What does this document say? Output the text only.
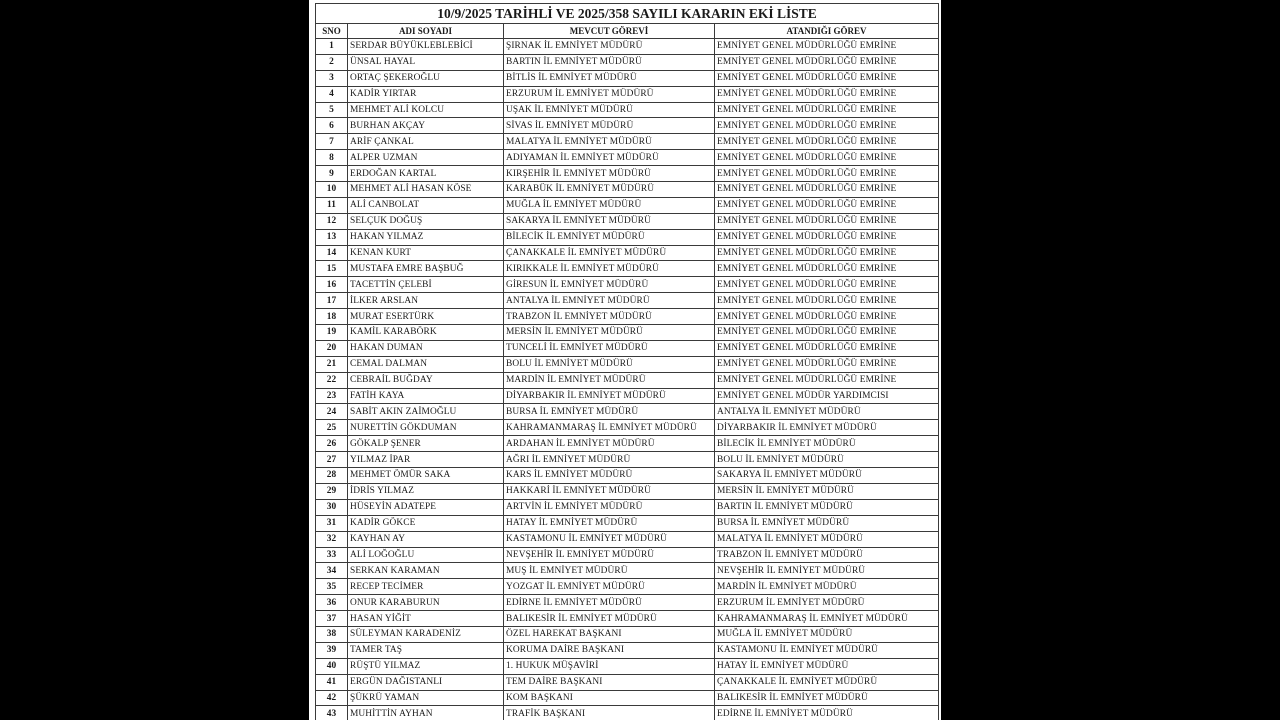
10/9/2025 TARİHLİ VE 2025/358 SAYILI KARARIN EKİ LİSTE			
SNO	ADI SOYADI	MEVCUT GÖREVİ	ATANDIĞI GÖREV
1	SERDAR BÜYÜKLEBLEBİCİ	ŞIRNAK İL EMNİYET MÜDÜRÜ	EMNİYET GENEL MÜDÜRLÜĞÜ EMRİNE
2	ÜNSAL HAYAL	BARTIN İL EMNİYET MÜDÜRÜ	EMNİYET GENEL MÜDÜRLÜĞÜ EMRİNE
3	ORTAÇ ŞEKEROĞLU	BİTLİS İL EMNİYET MÜDÜRÜ	EMNİYET GENEL MÜDÜRLÜĞÜ EMRİNE
4	KADİR YIRTAR	ERZURUM İL EMNİYET MÜDÜRÜ	EMNİYET GENEL MÜDÜRLÜĞÜ EMRİNE
5	MEHMET ALİ KOLCU	UŞAK İL EMNİYET MÜDÜRÜ	EMNİYET GENEL MÜDÜRLÜĞÜ EMRİNE
6	BURHAN AKÇAY	SİVAS İL EMNİYET MÜDÜRÜ	EMNİYET GENEL MÜDÜRLÜĞÜ EMRİNE
7	ARİF ÇANKAL	MALATYA İL EMNİYET MÜDÜRÜ	EMNİYET GENEL MÜDÜRLÜĞÜ EMRİNE
8	ALPER UZMAN	ADIYAMAN İL EMNİYET MÜDÜRÜ	EMNİYET GENEL MÜDÜRLÜĞÜ EMRİNE
9	ERDOĞAN KARTAL	KIRŞEHİR İL EMNİYET MÜDÜRÜ	EMNİYET GENEL MÜDÜRLÜĞÜ EMRİNE
10	MEHMET ALİ HASAN KÖSE	KARABÜK İL EMNİYET MÜDÜRÜ	EMNİYET GENEL MÜDÜRLÜĞÜ EMRİNE
11	ALİ CANBOLAT	MUĞLA İL EMNİYET MÜDÜRÜ	EMNİYET GENEL MÜDÜRLÜĞÜ EMRİNE
12	SELÇUK DOĞUŞ	SAKARYA İL EMNİYET MÜDÜRÜ	EMNİYET GENEL MÜDÜRLÜĞÜ EMRİNE
13	HAKAN YILMAZ	BİLECİK İL EMNİYET MÜDÜRÜ	EMNİYET GENEL MÜDÜRLÜĞÜ EMRİNE
14	KENAN KURT	ÇANAKKALE İL EMNİYET MÜDÜRÜ	EMNİYET GENEL MÜDÜRLÜĞÜ EMRİNE
15	MUSTAFA EMRE BAŞBUĞ	KIRIKKALE İL EMNİYET MÜDÜRÜ	EMNİYET GENEL MÜDÜRLÜĞÜ EMRİNE
16	TACETTİN ÇELEBİ	GİRESUN İL EMNİYET MÜDÜRÜ	EMNİYET GENEL MÜDÜRLÜĞÜ EMRİNE
17	İLKER ARSLAN	ANTALYA İL EMNİYET MÜDÜRÜ	EMNİYET GENEL MÜDÜRLÜĞÜ EMRİNE
18	MURAT ESERTÜRK	TRABZON İL EMNİYET MÜDÜRÜ	EMNİYET GENEL MÜDÜRLÜĞÜ EMRİNE
19	KAMİL KARABÖRK	MERSİN İL EMNİYET MÜDÜRÜ	EMNİYET GENEL MÜDÜRLÜĞÜ EMRİNE
20	HAKAN DUMAN	TUNCELİ İL EMNİYET MÜDÜRÜ	EMNİYET GENEL MÜDÜRLÜĞÜ EMRİNE
21	CEMAL DALMAN	BOLU İL EMNİYET MÜDÜRÜ	EMNİYET GENEL MÜDÜRLÜĞÜ EMRİNE
22	CEBRAİL BUĞDAY	MARDİN İL EMNİYET MÜDÜRÜ	EMNİYET GENEL MÜDÜRLÜĞÜ EMRİNE
23	FATİH KAYA	DİYARBAKIR İL EMNİYET MÜDÜRÜ	EMNİYET GENEL MÜDÜR YARDIMCISI
24	SABİT AKIN ZAİMOĞLU	BURSA İL EMNİYET MÜDÜRÜ	ANTALYA İL EMNİYET MÜDÜRÜ
25	NURETTİN GÖKDUMAN	KAHRAMANMARAŞ İL EMNİYET MÜDÜRÜ	DİYARBAKIR İL EMNİYET MÜDÜRÜ
26	GÖKALP ŞENER	ARDAHAN İL EMNİYET MÜDÜRÜ	BİLECİK İL EMNİYET MÜDÜRÜ
27	YILMAZ İPAR	AĞRI İL EMNİYET MÜDÜRÜ	BOLU İL EMNİYET MÜDÜRÜ
28	MEHMET ÖMÜR SAKA	KARS İL EMNİYET MÜDÜRÜ	SAKARYA İL EMNİYET MÜDÜRÜ
29	İDRİS YILMAZ	HAKKARİ İL EMNİYET MÜDÜRÜ	MERSİN İL EMNİYET MÜDÜRÜ
30	HÜSEYİN ADATEPE	ARTVİN İL EMNİYET MÜDÜRÜ	BARTIN İL EMNİYET MÜDÜRÜ
31	KADİR GÖKCE	HATAY İL EMNİYET MÜDÜRÜ	BURSA İL EMNİYET MÜDÜRÜ
32	KAYHAN AY	KASTAMONU İL EMNİYET MÜDÜRÜ	MALATYA İL EMNİYET MÜDÜRÜ
33	ALİ LOĞOĞLU	NEVŞEHİR İL EMNİYET MÜDÜRÜ	TRABZON İL EMNİYET MÜDÜRÜ
34	SERKAN KARAMAN	MUŞ İL EMNİYET MÜDÜRÜ	NEVŞEHİR İL EMNİYET MÜDÜRÜ
35	RECEP TECİMER	YOZGAT İL EMNİYET MÜDÜRÜ	MARDİN İL EMNİYET MÜDÜRÜ
36	ONUR KARABURUN	EDİRNE İL EMNİYET MÜDÜRÜ	ERZURUM İL EMNİYET MÜDÜRÜ
37	HASAN YİĞİT	BALIKESİR İL EMNİYET MÜDÜRÜ	KAHRAMANMARAŞ İL EMNİYET MÜDÜRÜ
38	SÜLEYMAN KARADENİZ	ÖZEL HAREKAT BAŞKANI	MUĞLA İL EMNİYET MÜDÜRÜ
39	TAMER TAŞ	KORUMA DAİRE BAŞKANI	KASTAMONU İL EMNİYET MÜDÜRÜ
40	RÜŞTÜ YILMAZ	1. HUKUK MÜŞAVİRİ	HATAY İL EMNİYET MÜDÜRÜ
41	ERGÜN DAĞISTANLI	TEM DAİRE BAŞKANI	ÇANAKKALE İL EMNİYET MÜDÜRÜ
42	ŞÜKRÜ YAMAN	KOM BAŞKANI	BALIKESİR İL EMNİYET MÜDÜRÜ
43	MUHİTTİN AYHAN	TRAFİK BAŞKANI	EDİRNE İL EMNİYET MÜDÜRÜ
